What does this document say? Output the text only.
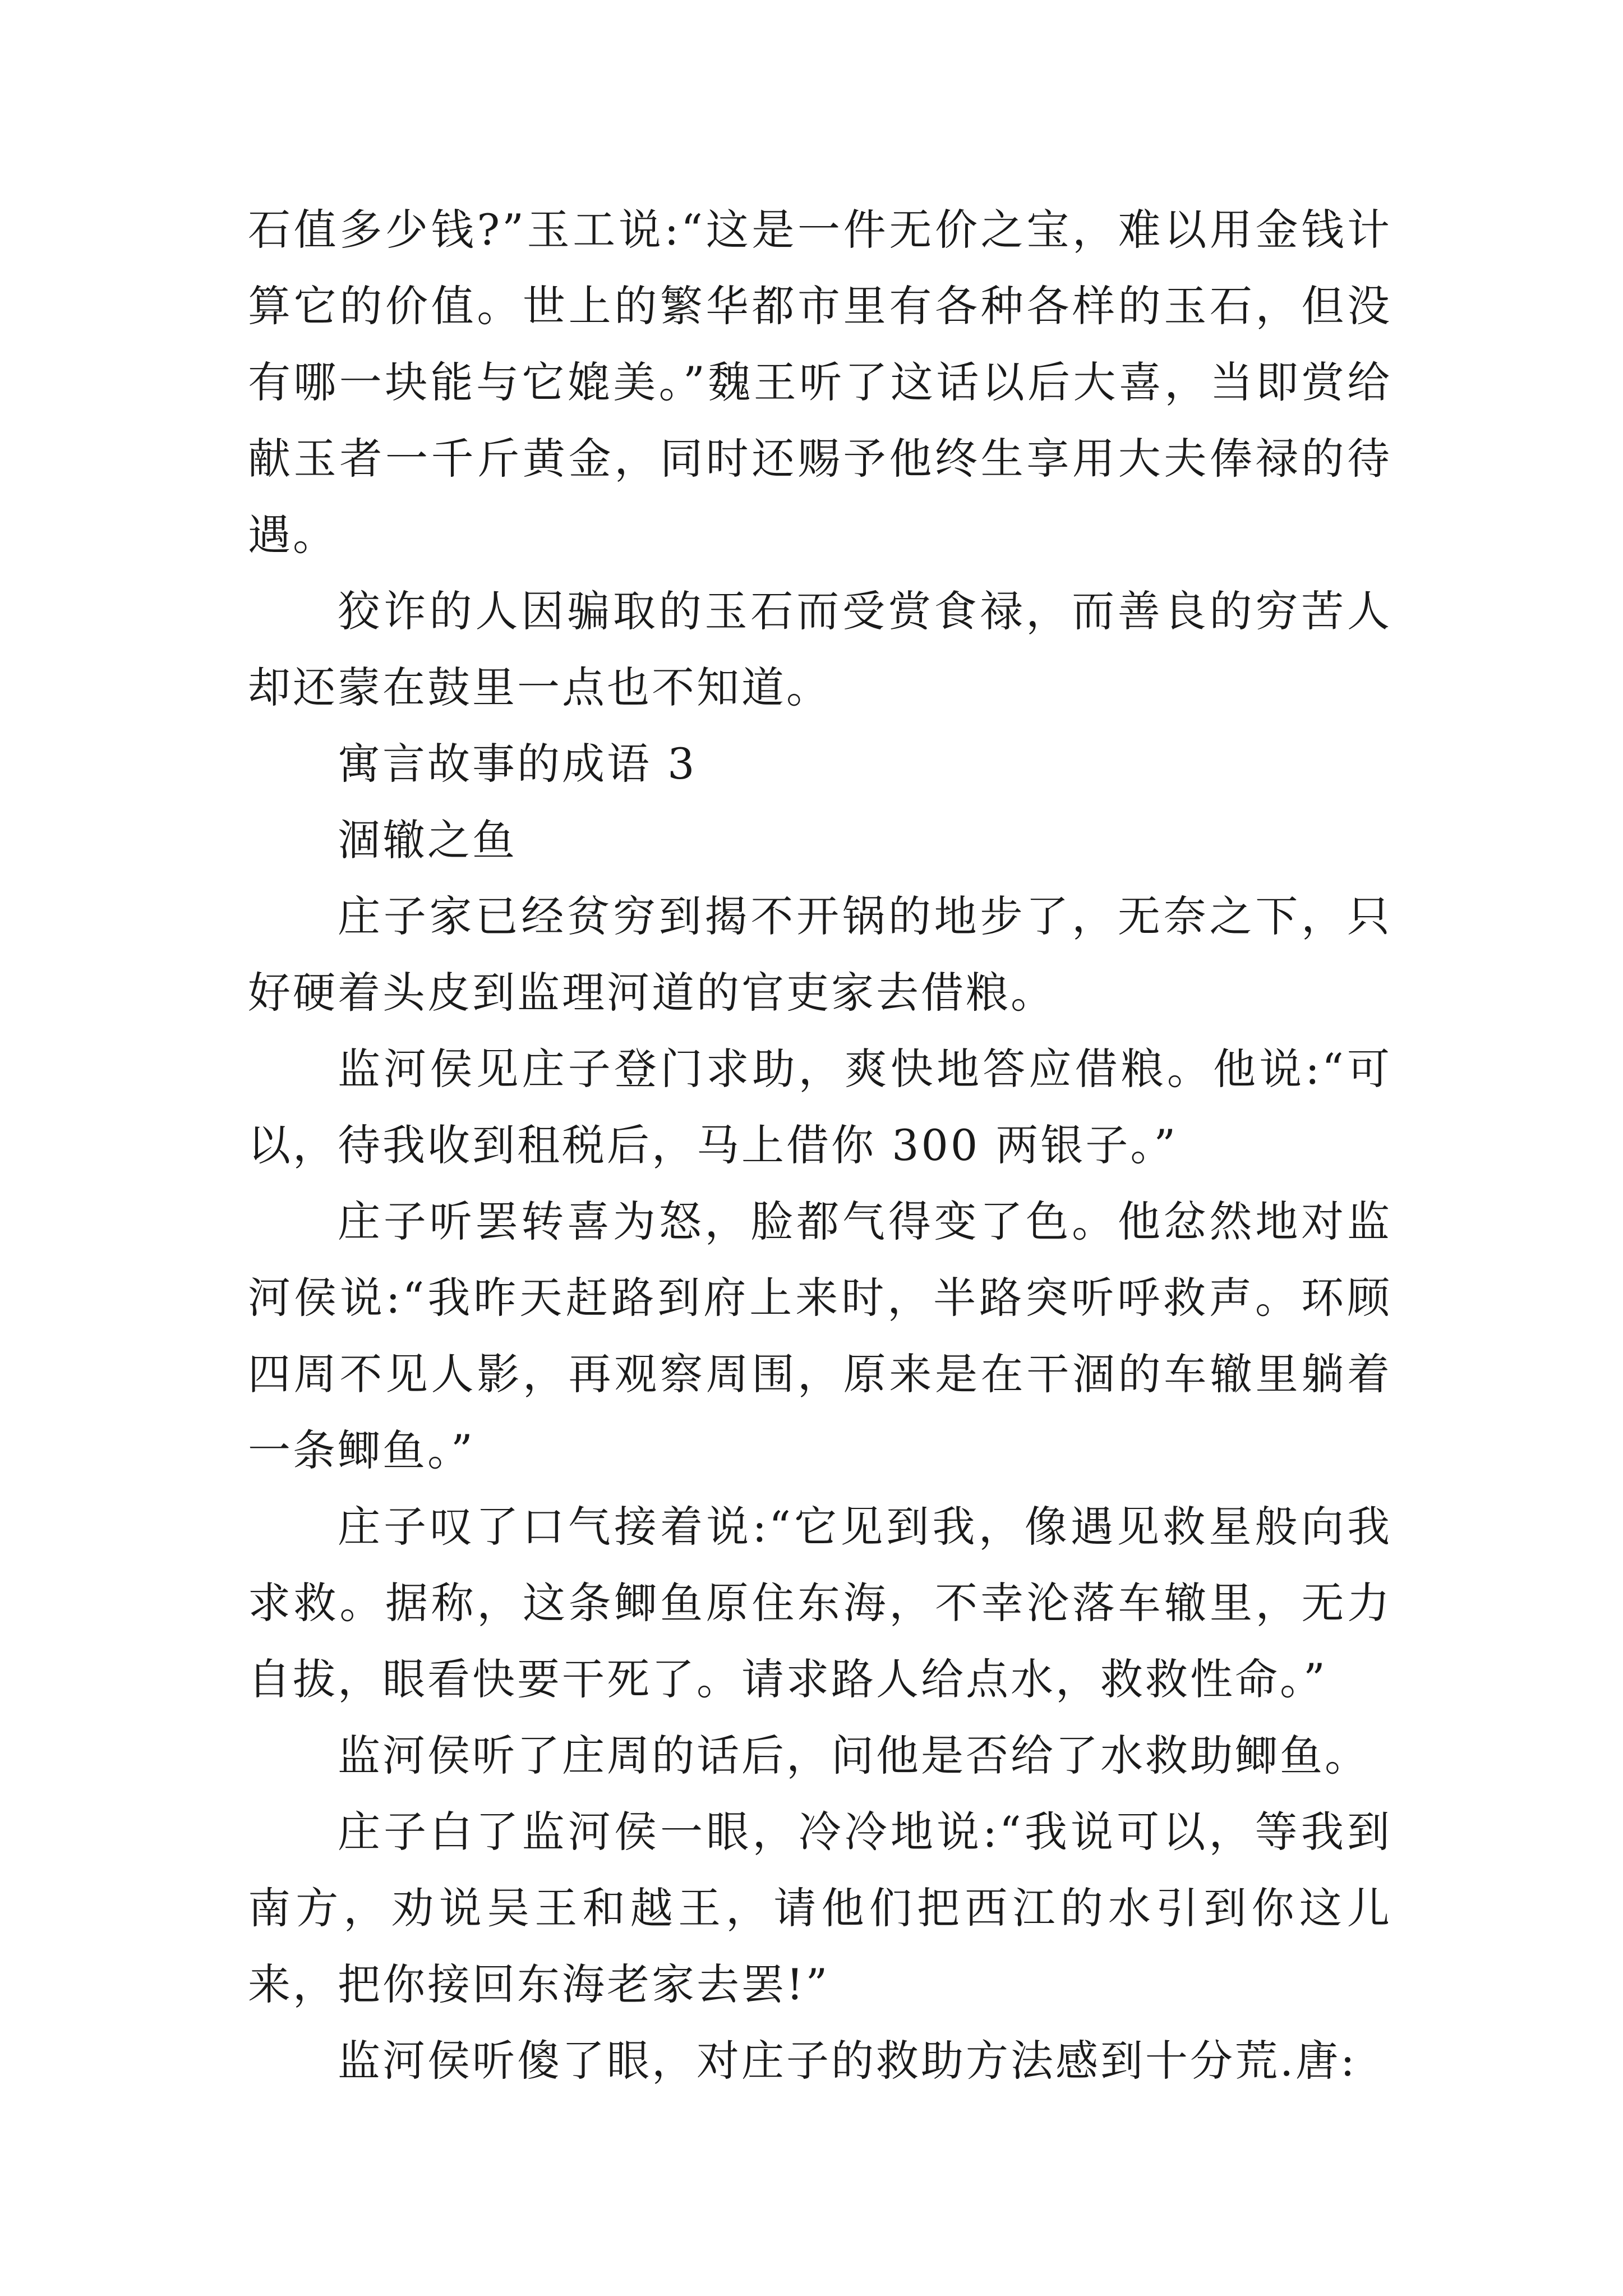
石值多少钱?”玉工说:“这是一件无价之宝，难以用金钱计算它的价值。世上的繁华都市里有各种各样的玉石，但没有哪一块能与它媲美。”魏王听了这话以后大喜，当即赏给献玉者一千斤黄金，同时还赐予他终生享用大夫俸禄的待遇。

狡诈的人因骗取的玉石而受赏食禄，而善良的穷苦人却还蒙在鼓里一点也不知道。

寓言故事的成语 3

涸辙之鱼

庄子家已经贫穷到揭不开锅的地步了，无奈之下，只好硬着头皮到监理河道的官吏家去借粮。

监河侯见庄子登门求助，爽快地答应借粮。他说:“可以，待我收到租税后，马上借你 300 两银子。”

庄子听罢转喜为怒，脸都气得变了色。他忿然地对监河侯说:“我昨天赶路到府上来时，半路突听呼救声。环顾四周不见人影，再观察周围，原来是在干涸的车辙里躺着一条鲫鱼。”

庄子叹了口气接着说:“它见到我，像遇见救星般向我求救。据称，这条鲫鱼原住东海，不幸沦落车辙里，无力自拔，眼看快要干死了。请求路人给点水，救救性命。”

监河侯听了庄周的话后，问他是否给了水救助鲫鱼。

庄子白了监河侯一眼，冷冷地说:“我说可以，等我到南方，劝说吴王和越王，请他们把西江的水引到你这儿来，把你接回东海老家去罢!”

监河侯听傻了眼，对庄子的救助方法感到十分荒.唐:
